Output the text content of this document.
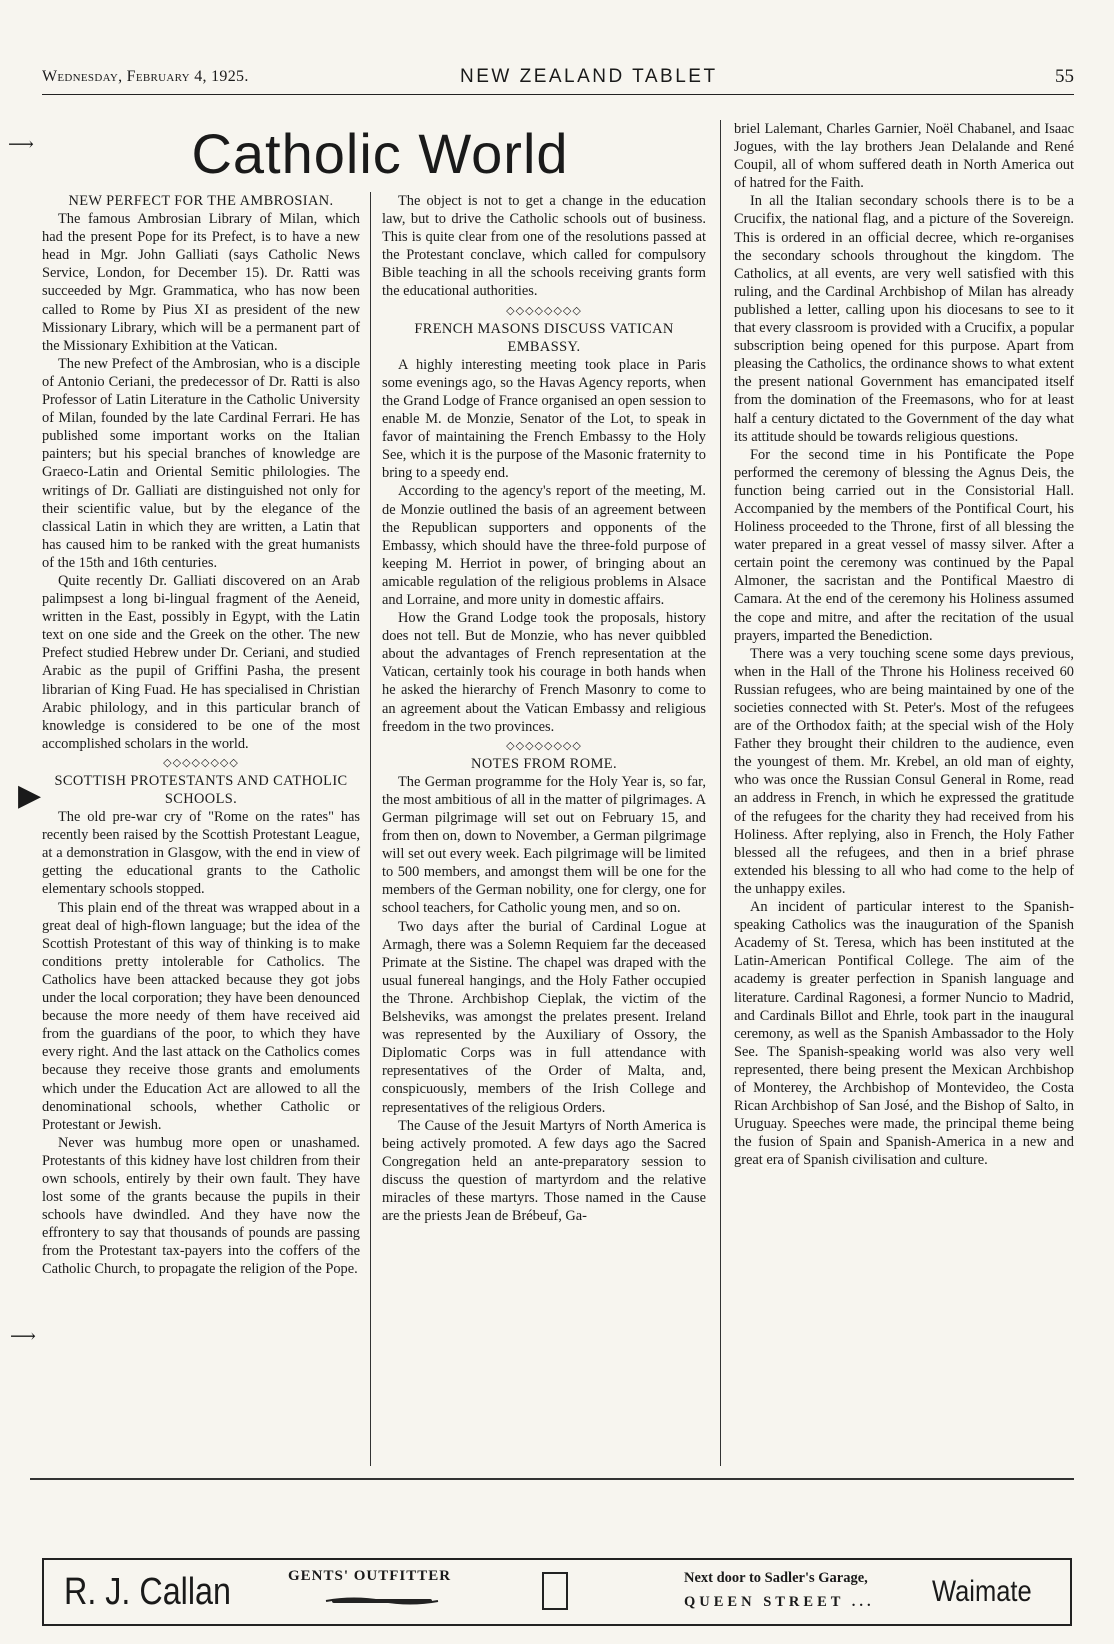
Wednesday, February 4, 1925.	NEW ZEALAND TABLET	55
⟶
▶
⟶
Catholic World
NEW PERFECT FOR THE AMBROSIAN.

The famous Ambrosian Library of Milan, which had the present Pope for its Prefect, is to have a new head in Mgr. John Galliati (says Catholic News Service, London, for December 15). Dr. Ratti was succeeded by Mgr. Grammatica, who has now been called to Rome by Pius XI as president of the new Missionary Library, which will be a permanent part of the Missionary Exhibition at the Vatican.

The new Prefect of the Ambrosian, who is a disciple of Antonio Ceriani, the predecessor of Dr. Ratti is also Professor of Latin Literature in the Catholic University of Milan, founded by the late Cardinal Ferrari. He has published some important works on the Italian painters; but his special branches of knowledge are Graeco-Latin and Oriental Semitic philologies. The writings of Dr. Galliati are distinguished not only for their scientific value, but by the elegance of the classical Latin in which they are written, a Latin that has caused him to be ranked with the great humanists of the 15th and 16th centuries.

Quite recently Dr. Galliati discovered on an Arab palimpsest a long bi-lingual fragment of the Aeneid, written in the East, possibly in Egypt, with the Latin text on one side and the Greek on the other. The new Prefect studied Hebrew under Dr. Ceriani, and studied Arabic as the pupil of Griffini Pasha, the present librarian of King Fuad. He has specialised in Christian Arabic philology, and in this particular branch of knowledge is considered to be one of the most accomplished scholars in the world.

◇◇◇◇◇◇◇◇
SCOTTISH PROTESTANTS AND CATHOLIC SCHOOLS.

The old pre-war cry of "Rome on the rates" has recently been raised by the Scottish Protestant League, at a demonstration in Glasgow, with the end in view of getting the educational grants to the Catholic elementary schools stopped.

This plain end of the threat was wrapped about in a great deal of high-flown language; but the idea of the Scottish Protestant of this way of thinking is to make conditions pretty intolerable for Catholics. The Catholics have been attacked because they got jobs under the local corporation; they have been denounced because the more needy of them have received aid from the guardians of the poor, to which they have every right. And the last attack on the Catholics comes because they receive those grants and emoluments which under the Education Act are allowed to all the denominational schools, whether Catholic or Protestant or Jewish.

Never was humbug more open or unashamed. Protestants of this kidney have lost children from their own schools, entirely by their own fault. They have lost some of the grants because the pupils in their schools have dwindled. And they have now the effrontery to say that thousands of pounds are passing from the Protestant tax-payers into the coffers of the Catholic Church, to propagate the religion of the Pope.

The object is not to get a change in the education law, but to drive the Catholic schools out of business. This is quite clear from one of the resolutions passed at the Protestant conclave, which called for compulsory Bible teaching in all the schools receiving grants form the educational authorities.

◇◇◇◇◇◇◇◇
FRENCH MASONS DISCUSS VATICAN EMBASSY.

A highly interesting meeting took place in Paris some evenings ago, so the Havas Agency reports, when the Grand Lodge of France organised an open session to enable M. de Monzie, Senator of the Lot, to speak in favor of maintaining the French Embassy to the Holy See, which it is the purpose of the Masonic fraternity to bring to a speedy end.

According to the agency's report of the meeting, M. de Monzie outlined the basis of an agreement between the Republican supporters and opponents of the Embassy, which should have the three-fold purpose of keeping M. Herriot in power, of bringing about an amicable regulation of the religious problems in Alsace and Lorraine, and more unity in domestic affairs.

How the Grand Lodge took the proposals, history does not tell. But de Monzie, who has never quibbled about the advantages of French representation at the Vatican, certainly took his courage in both hands when he asked the hierarchy of French Masonry to come to an agreement about the Vatican Embassy and religious freedom in the two provinces.

◇◇◇◇◇◇◇◇
NOTES FROM ROME.

The German programme for the Holy Year is, so far, the most ambitious of all in the matter of pilgrimages. A German pilgrimage will set out on February 15, and from then on, down to November, a German pilgrimage will set out every week. Each pilgrimage will be limited to 500 members, and amongst them will be one for the members of the German nobility, one for clergy, one for school teachers, for Catholic young men, and so on.

Two days after the burial of Cardinal Logue at Armagh, there was a Solemn Requiem far the deceased Primate at the Sistine. The chapel was draped with the usual funereal hangings, and the Holy Father occupied the Throne. Archbishop Cieplak, the victim of the Belsheviks, was amongst the prelates present. Ireland was represented by the Auxiliary of Ossory, the Diplomatic Corps was in full attendance with representatives of the Order of Malta, and, conspicuously, members of the Irish College and representatives of the religious Orders.

The Cause of the Jesuit Martyrs of North America is being actively promoted. A few days ago the Sacred Congregation held an ante-preparatory session to discuss the question of martyrdom and the relative miracles of these martyrs. Those named in the Cause are the priests Jean de Brébeuf, Ga-

briel Lalemant, Charles Garnier, Noël Chabanel, and Isaac Jogues, with the lay brothers Jean Delalande and René Coupil, all of whom suffered death in North America out of hatred for the Faith.

In all the Italian secondary schools there is to be a Crucifix, the national flag, and a picture of the Sovereign. This is ordered in an official decree, which re-organises the secondary schools throughout the kingdom. The Catholics, at all events, are very well satisfied with this ruling, and the Cardinal Archbishop of Milan has already published a letter, calling upon his diocesans to see to it that every classroom is provided with a Crucifix, a popular subscription being opened for this purpose. Apart from pleasing the Catholics, the ordinance shows to what extent the present national Government has emancipated itself from the domination of the Freemasons, who for at least half a century dictated to the Government of the day what its attitude should be towards religious questions.

For the second time in his Pontificate the Pope performed the ceremony of blessing the Agnus Deis, the function being carried out in the Consistorial Hall. Accompanied by the members of the Pontifical Court, his Holiness proceeded to the Throne, first of all blessing the water prepared in a great vessel of massy silver. After a certain point the ceremony was continued by the Papal Almoner, the sacristan and the Pontifical Maestro di Camara. At the end of the ceremony his Holiness assumed the cope and mitre, and after the recitation of the usual prayers, imparted the Benediction.

There was a very touching scene some days previous, when in the Hall of the Throne his Holiness received 60 Russian refugees, who are being maintained by one of the societies connected with St. Peter's. Most of the refugees are of the Orthodox faith; at the special wish of the Holy Father they brought their children to the audience, even the youngest of them. Mr. Krebel, an old man of eighty, who was once the Russian Consul General in Rome, read an address in French, in which he expressed the gratitude of the refugees for the charity they had received from his Holiness. After replying, also in French, the Holy Father blessed all the refugees, and then in a brief phrase extended his blessing to all who had come to the help of the unhappy exiles.

An incident of particular interest to the Spanish-speaking Catholics was the inauguration of the Spanish Academy of St. Teresa, which has been instituted at the Latin-American Pontifical College. The aim of the academy is greater perfection in Spanish language and literature. Cardinal Ragonesi, a former Nuncio to Madrid, and Cardinals Billot and Ehrle, took part in the inaugural ceremony, as well as the Spanish Ambassador to the Holy See. The Spanish-speaking world was also very well represented, there being present the Mexican Archbishop of Monterey, the Archbishop of Montevideo, the Costa Rican Archbishop of San José, and the Bishop of Salto, in Uruguay. Speeches were made, the principal theme being the fusion of Spain and Spanish-America in a new and great era of Spanish civilisation and culture.

R. J. Callan	GENTS' OUTFITTER	Next door to Sadler's Garage,
QUEEN STREET ... Waimate
